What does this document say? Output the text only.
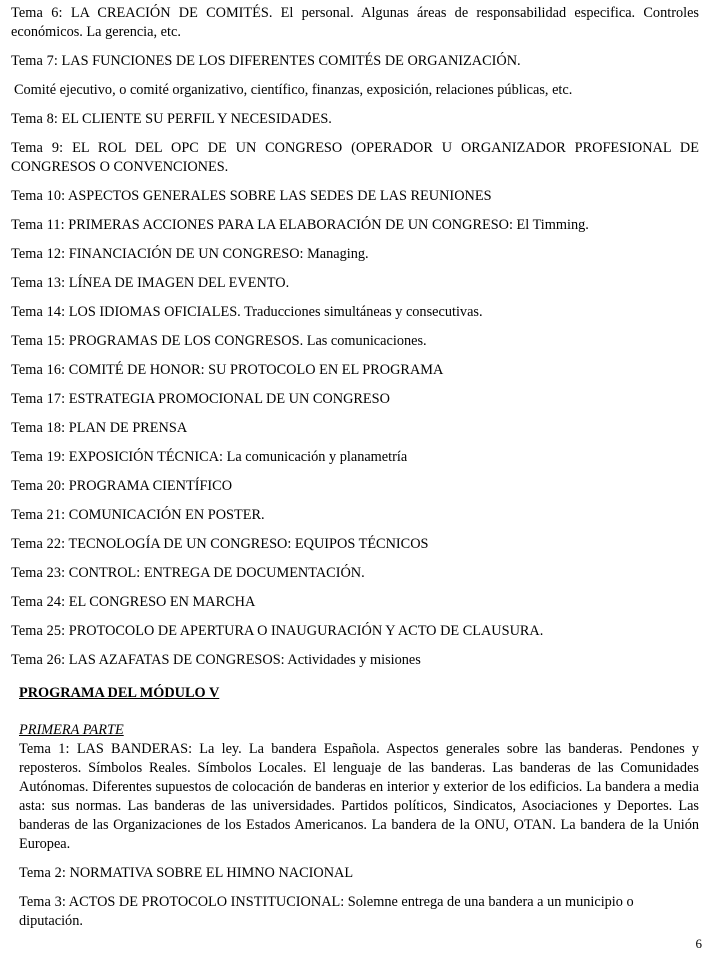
Tema 6: LA CREACIÓN DE COMITÉS. El personal. Algunas áreas de responsabilidad especifica. Controles económicos. La gerencia, etc.
Tema 7: LAS FUNCIONES DE LOS DIFERENTES COMITÉS DE ORGANIZACIÓN.
Comité ejecutivo, o comité organizativo, científico, finanzas, exposición, relaciones públicas, etc.
Tema 8: EL CLIENTE SU PERFIL Y NECESIDADES.
Tema 9: EL ROL DEL OPC DE UN CONGRESO (OPERADOR U ORGANIZADOR PROFESIONAL DE CONGRESOS O CONVENCIONES.
Tema 10: ASPECTOS GENERALES SOBRE LAS SEDES DE LAS REUNIONES
Tema 11: PRIMERAS ACCIONES PARA LA ELABORACIÓN DE UN CONGRESO: El Timming.
Tema 12: FINANCIACIÓN DE UN CONGRESO: Managing.
Tema 13: LÍNEA DE IMAGEN DEL EVENTO.
Tema 14: LOS IDIOMAS OFICIALES. Traducciones simultáneas y consecutivas.
Tema 15: PROGRAMAS DE LOS CONGRESOS. Las comunicaciones.
Tema 16: COMITÉ DE HONOR: SU PROTOCOLO EN EL PROGRAMA
Tema 17: ESTRATEGIA PROMOCIONAL DE UN CONGRESO
Tema 18: PLAN DE PRENSA
Tema 19: EXPOSICIÓN TÉCNICA: La comunicación y planametría
Tema 20: PROGRAMA CIENTÍFICO
Tema 21: COMUNICACIÓN EN POSTER.
Tema 22: TECNOLOGÍA DE UN CONGRESO: EQUIPOS TÉCNICOS
Tema 23: CONTROL: ENTREGA DE DOCUMENTACIÓN.
Tema 24: EL CONGRESO EN MARCHA
Tema 25: PROTOCOLO DE APERTURA O INAUGURACIÓN Y ACTO DE CLAUSURA.
Tema 26: LAS AZAFATAS DE CONGRESOS: Actividades y misiones
PROGRAMA DEL MÓDULO V
PRIMERA PARTE
Tema 1: LAS BANDERAS: La ley. La bandera Española. Aspectos generales sobre las banderas. Pendones y reposteros. Símbolos Reales. Símbolos Locales. El lenguaje de las banderas. Las banderas de las Comunidades Autónomas. Diferentes supuestos de colocación de banderas en interior y exterior de los edificios. La bandera a media asta: sus normas. Las banderas de las universidades. Partidos políticos, Sindicatos, Asociaciones y Deportes. Las banderas de las Organizaciones de los Estados Americanos. La bandera de la ONU, OTAN. La bandera de la Unión Europea.
Tema 2: NORMATIVA SOBRE EL HIMNO NACIONAL
Tema 3: ACTOS DE PROTOCOLO INSTITUCIONAL: Solemne entrega de una bandera a un municipio o diputación.
6
